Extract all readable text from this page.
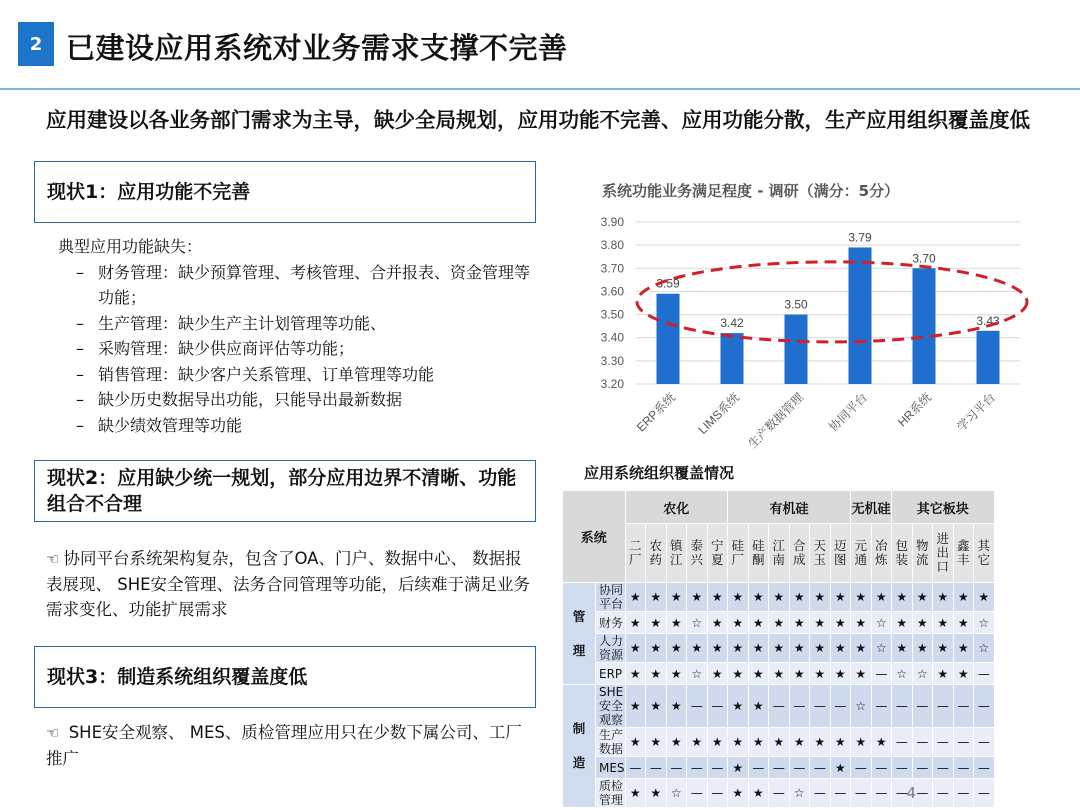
2 已建设应用系统对业务需求支撑不完善
应用建设以各业务部门需求为主导，缺少全局规划，应用功能不完善、应用功能分散，生产应用组织覆盖度低
现状1：应用功能不完善
典型应用功能缺失：
– 财务管理：缺少预算管理、考核管理、合并报表、资金管理等功能；
– 生产管理：缺少生产主计划管理等功能、
– 采购管理：缺少供应商评估等功能；
– 销售管理：缺少客户关系管理、订单管理等功能
– 缺少历史数据导出功能，只能导出最新数据
– 缺少绩效管理等功能
现状2：应用缺少统一规划，部分应用边界不清晰、功能组合不合理
☜ 协同平台系统架构复杂，包含了OA、门户、数据中心、 数据报表展现、 SHE安全管理、法务合同管理等功能，后续难于满足业务需求变化、功能扩展需求
现状3：制造系统组织覆盖度低
☜ SHE安全观察、 MES、质检管理应用只在少数下属公司、工厂推广
系统功能业务满足程度 - 调研（满分：5分）
3.20
3.30
3.40
3.50
3.60
3.70
3.80
3.90
3.59
ERP系统
3.42
LIMS系统
3.50
生产数据管理
3.79
协同平台
3.70
HR系统
3.43
学习平台
应用系统组织覆盖情况
系统		农化					有机硅						无机硅		其它板块				
		二厂	农药	镇江	泰兴	宁夏	硅厂	硅酮	江南	合成	天玉	迈图	元通	冶炼	包装	物流	进出口	鑫丰	其它
管理	协同平台	★	★	★	★	★	★	★	★	★	★	★	★	★	★	★	★	★	★
	财务	★	★	★	☆	★	★	★	★	★	★	★	★	☆	★	★	★	★	☆
	人力资源	★	★	★	★	★	★	★	★	★	★	★	★	☆	★	★	★	★	☆
	ERP	★	★	★	☆	★	★	★	★	★	★	★	★	—	☆	☆	★	★	—
制造	SHE安全观察	★	★	★	—	—	★	★	—	—	—	—	☆	—	—	—	—	—	—
	生产数据	★	★	★	★	★	★	★	★	★	★	★	★	★	—	—	—	—	—
	MES	—	—	—	—	—	★	—	—	—	—	★	—	—	—	—	—	—	—
	质检管理	★	★	☆	—	—	★	★	—	☆	—	—	—	—	—	—	—	—	—
4
